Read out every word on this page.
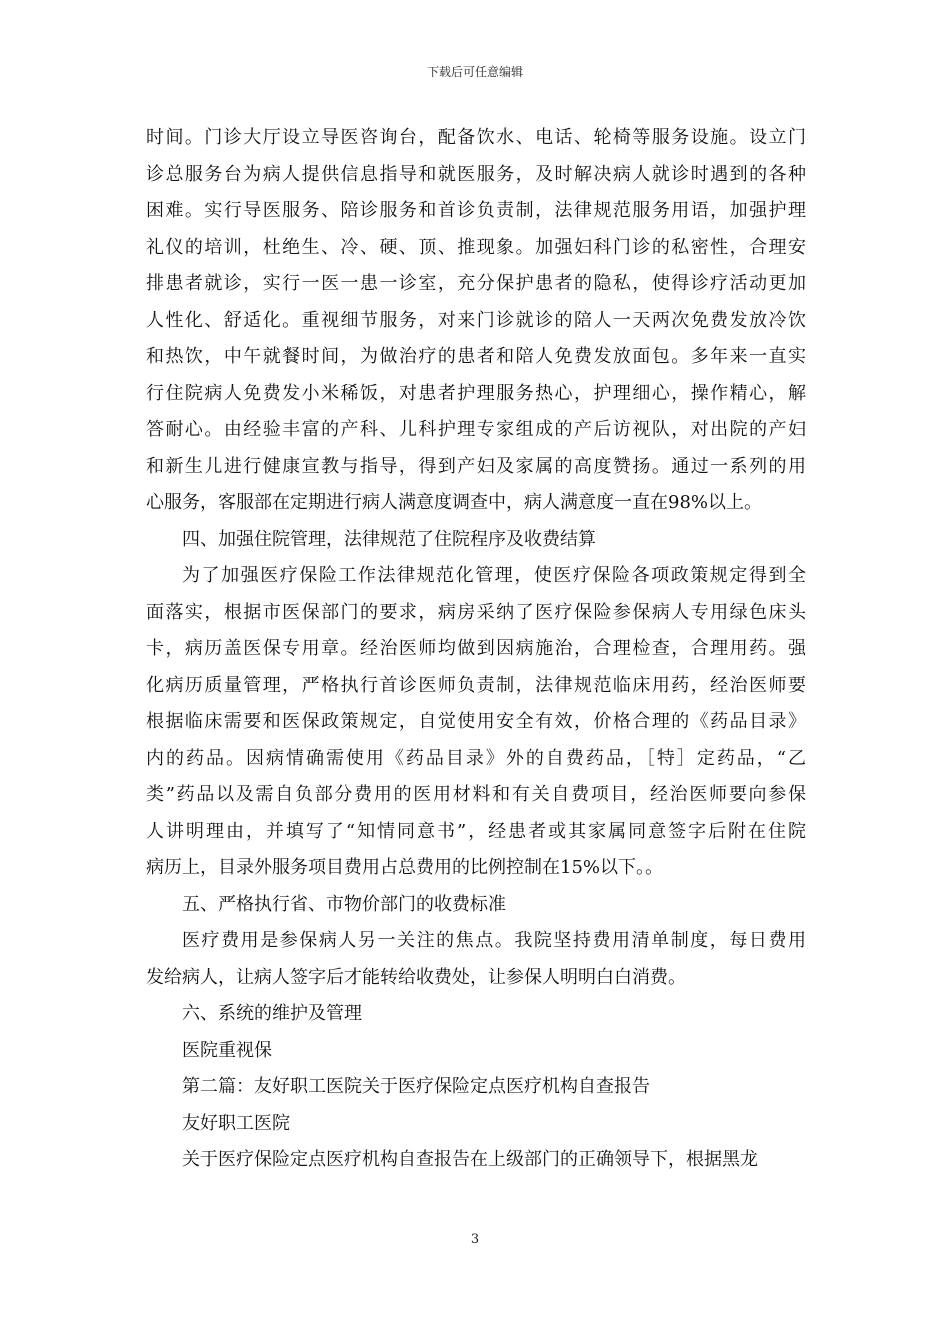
下载后可任意编辑
时间。门诊大厅设立导医咨询台，配备饮水、电话、轮椅等服务设施。设立门
诊总服务台为病人提供信息指导和就医服务，及时解决病人就诊时遇到的各种
困难。实行导医服务、陪诊服务和首诊负责制，法律规范服务用语，加强护理
礼仪的培训，杜绝生、冷、硬、顶、推现象。加强妇科门诊的私密性，合理安
排患者就诊，实行一医一患一诊室，充分保护患者的隐私，使得诊疗活动更加
人性化、舒适化。重视细节服务，对来门诊就诊的陪人一天两次免费发放冷饮
和热饮，中午就餐时间，为做治疗的患者和陪人免费发放面包。多年来一直实
行住院病人免费发小米稀饭，对患者护理服务热心，护理细心，操作精心，解
答耐心。由经验丰富的产科、儿科护理专家组成的产后访视队，对出院的产妇
和新生儿进行健康宣教与指导，得到产妇及家属的高度赞扬。通过一系列的用
心服务，客服部在定期进行病人满意度调查中，病人满意度一直在98%以上。
四、加强住院管理，法律规范了住院程序及收费结算
为了加强医疗保险工作法律规范化管理，使医疗保险各项政策规定得到全
面落实，根据市医保部门的要求，病房采纳了医疗保险参保病人专用绿色床头
卡，病历盖医保专用章。经治医师均做到因病施治，合理检查，合理用药。强
化病历质量管理，严格执行首诊医师负责制，法律规范临床用药，经治医师要
根据临床需要和医保政策规定，自觉使用安全有效，价格合理的《药品目录》
内的药品。因病情确需使用《药品目录》外的自费药品，［特］定药品，“乙
类”药品以及需自负部分费用的医用材料和有关自费项目，经治医师要向参保
人讲明理由，并填写了“知情同意书”，经患者或其家属同意签字后附在住院
病历上，目录外服务项目费用占总费用的比例控制在15%以下。。
五、严格执行省、市物价部门的收费标准
医疗费用是参保病人另一关注的焦点。我院坚持费用清单制度，每日费用
发给病人，让病人签字后才能转给收费处，让参保人明明白白消费。
六、系统的维护及管理
医院重视保
第二篇：友好职工医院关于医疗保险定点医疗机构自查报告
友好职工医院
关于医疗保险定点医疗机构自查报告在上级部门的正确领导下，根据黑龙
3
